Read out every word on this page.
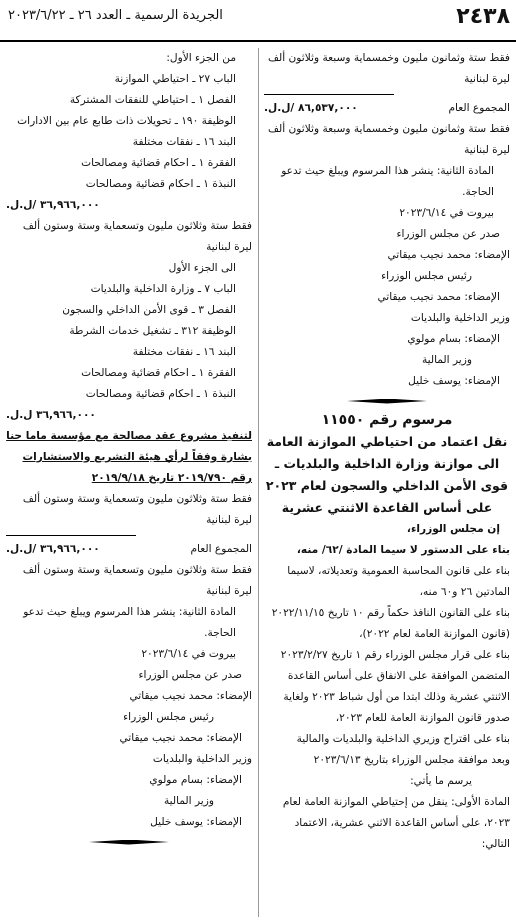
٢٤٣٨
الجريدة الرسمية ـ العدد ٢٦ ـ ٢٠٢٣/٦/٢٢

فقط ستة وثمانون مليون وخمسماية وسبعة وثلاثون ألف ليرة لبنانية

المجموع العام
٨٦,٥٣٧,٠٠٠ /ل.ل.

فقط ستة وثمانون مليون وخمسماية وسبعة وثلاثون ألف ليرة لبنانية

المادة الثانية: ينشر هذا المرسوم ويبلغ حيث تدعو الحاجة.

بيروت في ٢٠٢٣/٦/١٤

صدر عن مجلس الوزراء

الإمضاء: محمد نجيب ميقاتي

رئيس مجلس الوزراء

الإمضاء: محمد نجيب ميقاتي

وزير الداخلية والبلديات

الإمضاء: بسام مولوي

وزير المالية

الإمضاء: يوسف خليل

مرسوم رقم ١١٥٥٠

نقل اعتماد من احتياطي الموازنة العامة الى موازنة وزارة الداخلية والبلديات ـ قوى الأمن الداخلي والسجون لعام ٢٠٢٣ على أساس القاعدة الاثنتي عشرية

إن مجلس الوزراء،

بناء على الدستور لا سيما المادة /٦٢/ منه،

بناء على قانون المحاسبة العمومية وتعديلاته، لاسيما المادتين ٢٦ و٦٠ منه،

بناء على القانون النافذ حكماً رقم ١٠ تاريخ ٢٠٢٢/١١/١٥ (قانون الموازنة العامة لعام ٢٠٢٢)،

بناء على قرار مجلس الوزراء رقم ١ تاريخ ٢٠٢٣/٢/٢٧ المتضمن الموافقة على الانفاق على أساس القاعدة الاثنتي عشرية وذلك ابتدا من أول شباط ٢٠٢٣ ولغاية صدور قانون الموازنة العامة للعام ٢٠٢٣،

بناء على اقتراح وزيري الداخلية والبلديات والمالية

وبعد موافقة مجلس الوزراء بتاريخ ٢٠٢٣/٦/١٣

يرسم ما يأتي:

المادة الأولى: ينقل من إحتياطي الموازنة العامة لعام ٢٠٢٣، على أساس القاعدة الاثني عشرية، الاعتماد التالي:

من الجزء الأول:

الباب ٢٧ ـ احتياطي الموازنة

الفصل ١ ـ احتياطي للنفقات المشتركة

الوظيفة ١٩٠ ـ تحويلات ذات طابع عام بين الادارات

البند ١٦ ـ نفقات مختلفة

الفقرة ١ ـ احكام قضائية ومصالحات

النبذة ١ ـ احكام قضائية ومصالحات

٣٦,٩٦٦,٠٠٠ /ل.ل.

فقط ستة وثلاثون مليون وتسعماية وستة وستون ألف ليرة لبنانية

الى الجزء الأول

الباب ٧ ـ وزارة الداخلية والبلديات

الفصل ٣ ـ قوى الأمن الداخلي والسجون

الوظيفة ٣١٢ ـ تشغيل خدمات الشرطة

البند ١٦ ـ نفقات مختلفة

الفقرة ١ ـ احكام قضائية ومصالحات

النبذة ١ ـ احكام قضائية ومصالحات

٣٦,٩٦٦,٠٠٠ ل.ل.

لتنفيذ مشروع عقد مصالحة مع مؤسسة ماما حنا بشارة وفقاً لرأي هيئة التشريع والاستشارات رقم ٢٠١٩/٧٩٠ تاريخ ٢٠١٩/٩/١٨

فقط ستة وثلاثون مليون وتسعماية وستة وستون ألف ليرة لبنانية

المجموع العام
٣٦,٩٦٦,٠٠٠ /ل.ل.

فقط ستة وثلاثون مليون وتسعماية وستة وستون ألف ليرة لبنانية

المادة الثانية: ينشر هذا المرسوم ويبلغ حيث تدعو الحاجة.

بيروت في ٢٠٢٣/٦/١٤

صدر عن مجلس الوزراء

الإمضاء: محمد نجيب ميقاتي

رئيس مجلس الوزراء

الإمضاء: محمد نجيب ميقاتي

وزير الداخلية والبلديات

الإمضاء: بسام مولوي

وزير المالية

الإمضاء: يوسف خليل
